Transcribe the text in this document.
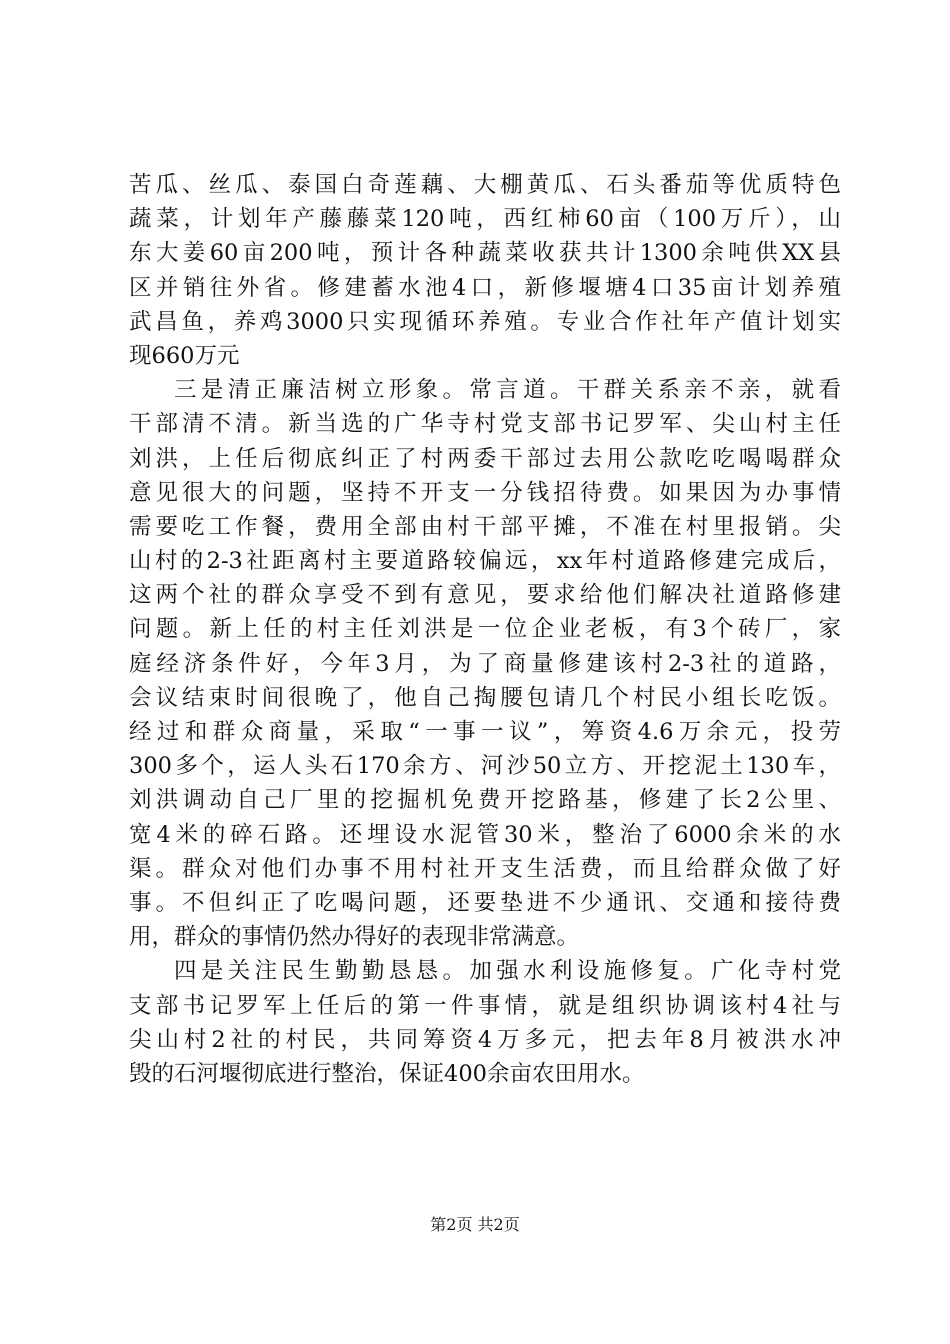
苦瓜、丝瓜、泰国白奇莲藕、大棚黄瓜、石头番茄等优质特色
蔬菜，计划年产藤藤菜120吨，西红柿60亩（100万斤），山
东大姜60亩200吨，预计各种蔬菜收获共计1300余吨供XX县
区并销往外省。修建蓄水池4口，新修堰塘4口35亩计划养殖
武昌鱼，养鸡3000只实现循环养殖。专业合作社年产值计划实
现660万元
三是清正廉洁树立形象。常言道。干群关系亲不亲，就看
干部清不清。新当选的广华寺村党支部书记罗军、尖山村主任
刘洪，上任后彻底纠正了村两委干部过去用公款吃吃喝喝群众
意见很大的问题，坚持不开支一分钱招待费。如果因为办事情
需要吃工作餐，费用全部由村干部平摊，不准在村里报销。尖
山村的2-3社距离村主要道路较偏远，xx年村道路修建完成后，
这两个社的群众享受不到有意见，要求给他们解决社道路修建
问题。新上任的村主任刘洪是一位企业老板，有3个砖厂，家
庭经济条件好，今年3月，为了商量修建该村2-3社的道路，
会议结束时间很晚了，他自己掏腰包请几个村民小组长吃饭。
经过和群众商量，采取“一事一议”，筹资4.6万余元，投劳
300多个，运人头石170余方、河沙50立方、开挖泥土130车，
刘洪调动自己厂里的挖掘机免费开挖路基，修建了长2公里、
宽4米的碎石路。还埋设水泥管30米，整治了6000余米的水
渠。群众对他们办事不用村社开支生活费，而且给群众做了好
事。不但纠正了吃喝问题，还要垫进不少通讯、交通和接待费
用，群众的事情仍然办得好的表现非常满意。
四是关注民生勤勤恳恳。加强水利设施修复。广化寺村党
支部书记罗军上任后的第一件事情，就是组织协调该村4社与
尖山村2社的村民，共同筹资4万多元，把去年8月被洪水冲
毁的石河堰彻底进行整治，保证400余亩农田用水。
第2页 共2页
